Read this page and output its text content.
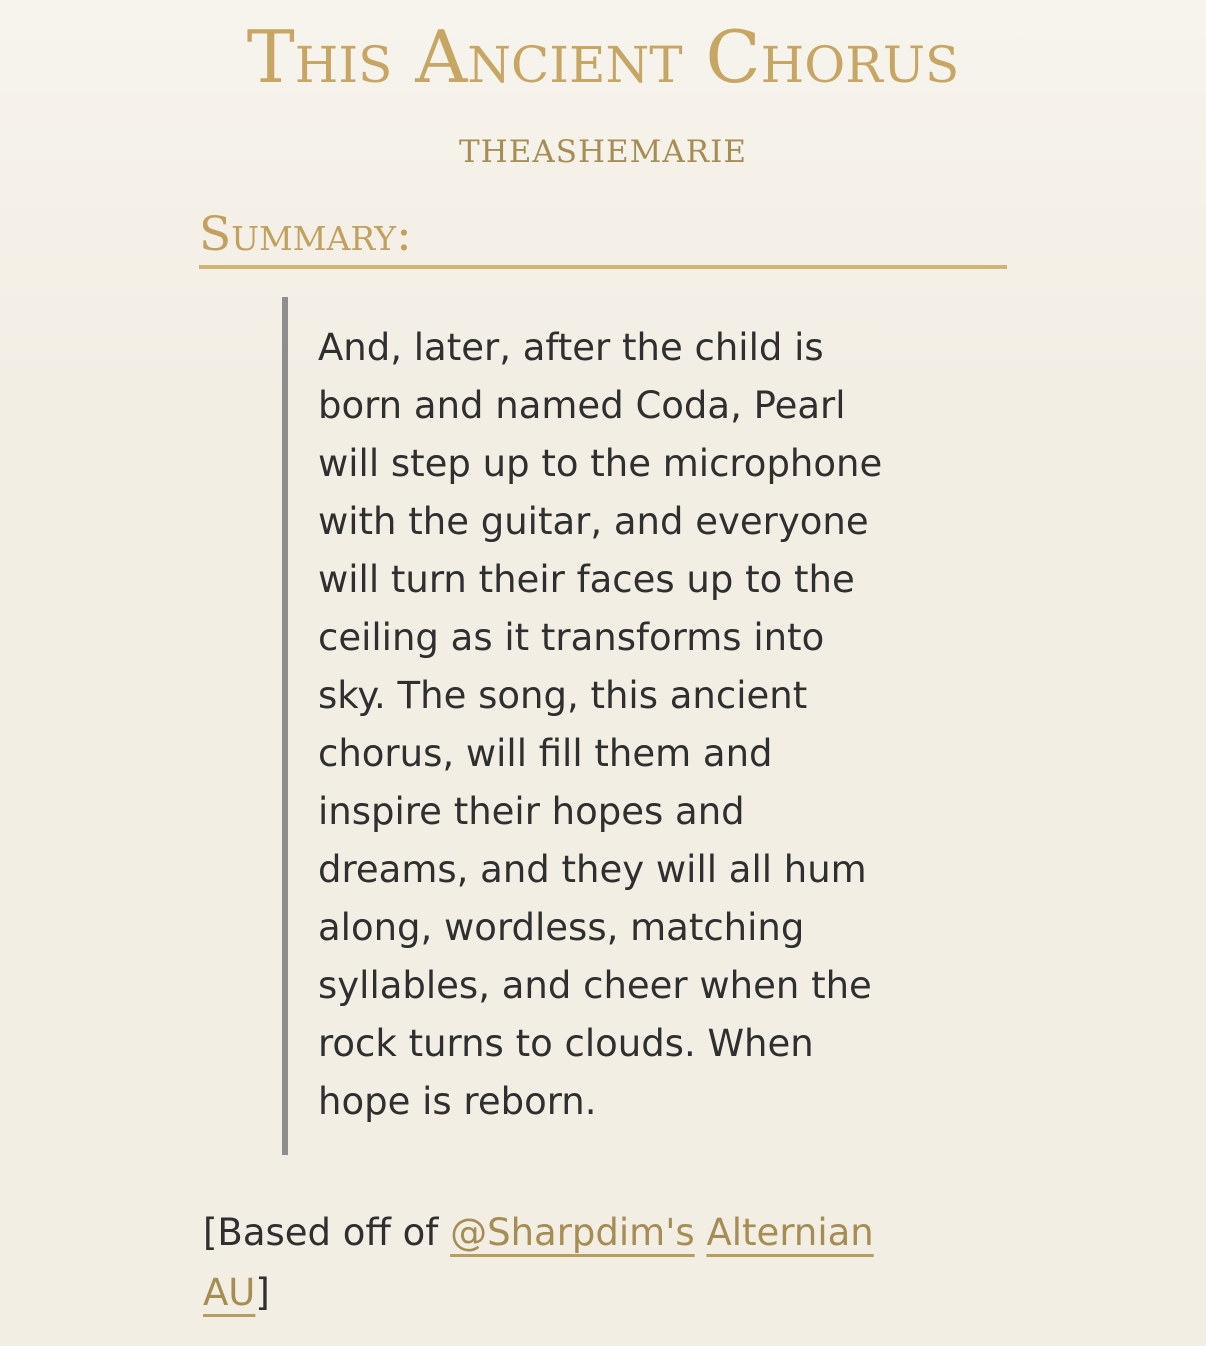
This Ancient Chorus
THEASHEMARIE
Summary:
And, later, after the child is
born and named Coda, Pearl
will step up to the microphone
with the guitar, and everyone
will turn their faces up to the
ceiling as it transforms into
sky. The song, this ancient
chorus, will fill them and
inspire their hopes and
dreams, and they will all hum
along, wordless, matching
syllables, and cheer when the
rock turns to clouds. When
hope is reborn.

[Based off of @Sharpdim's Alternian
AU]
